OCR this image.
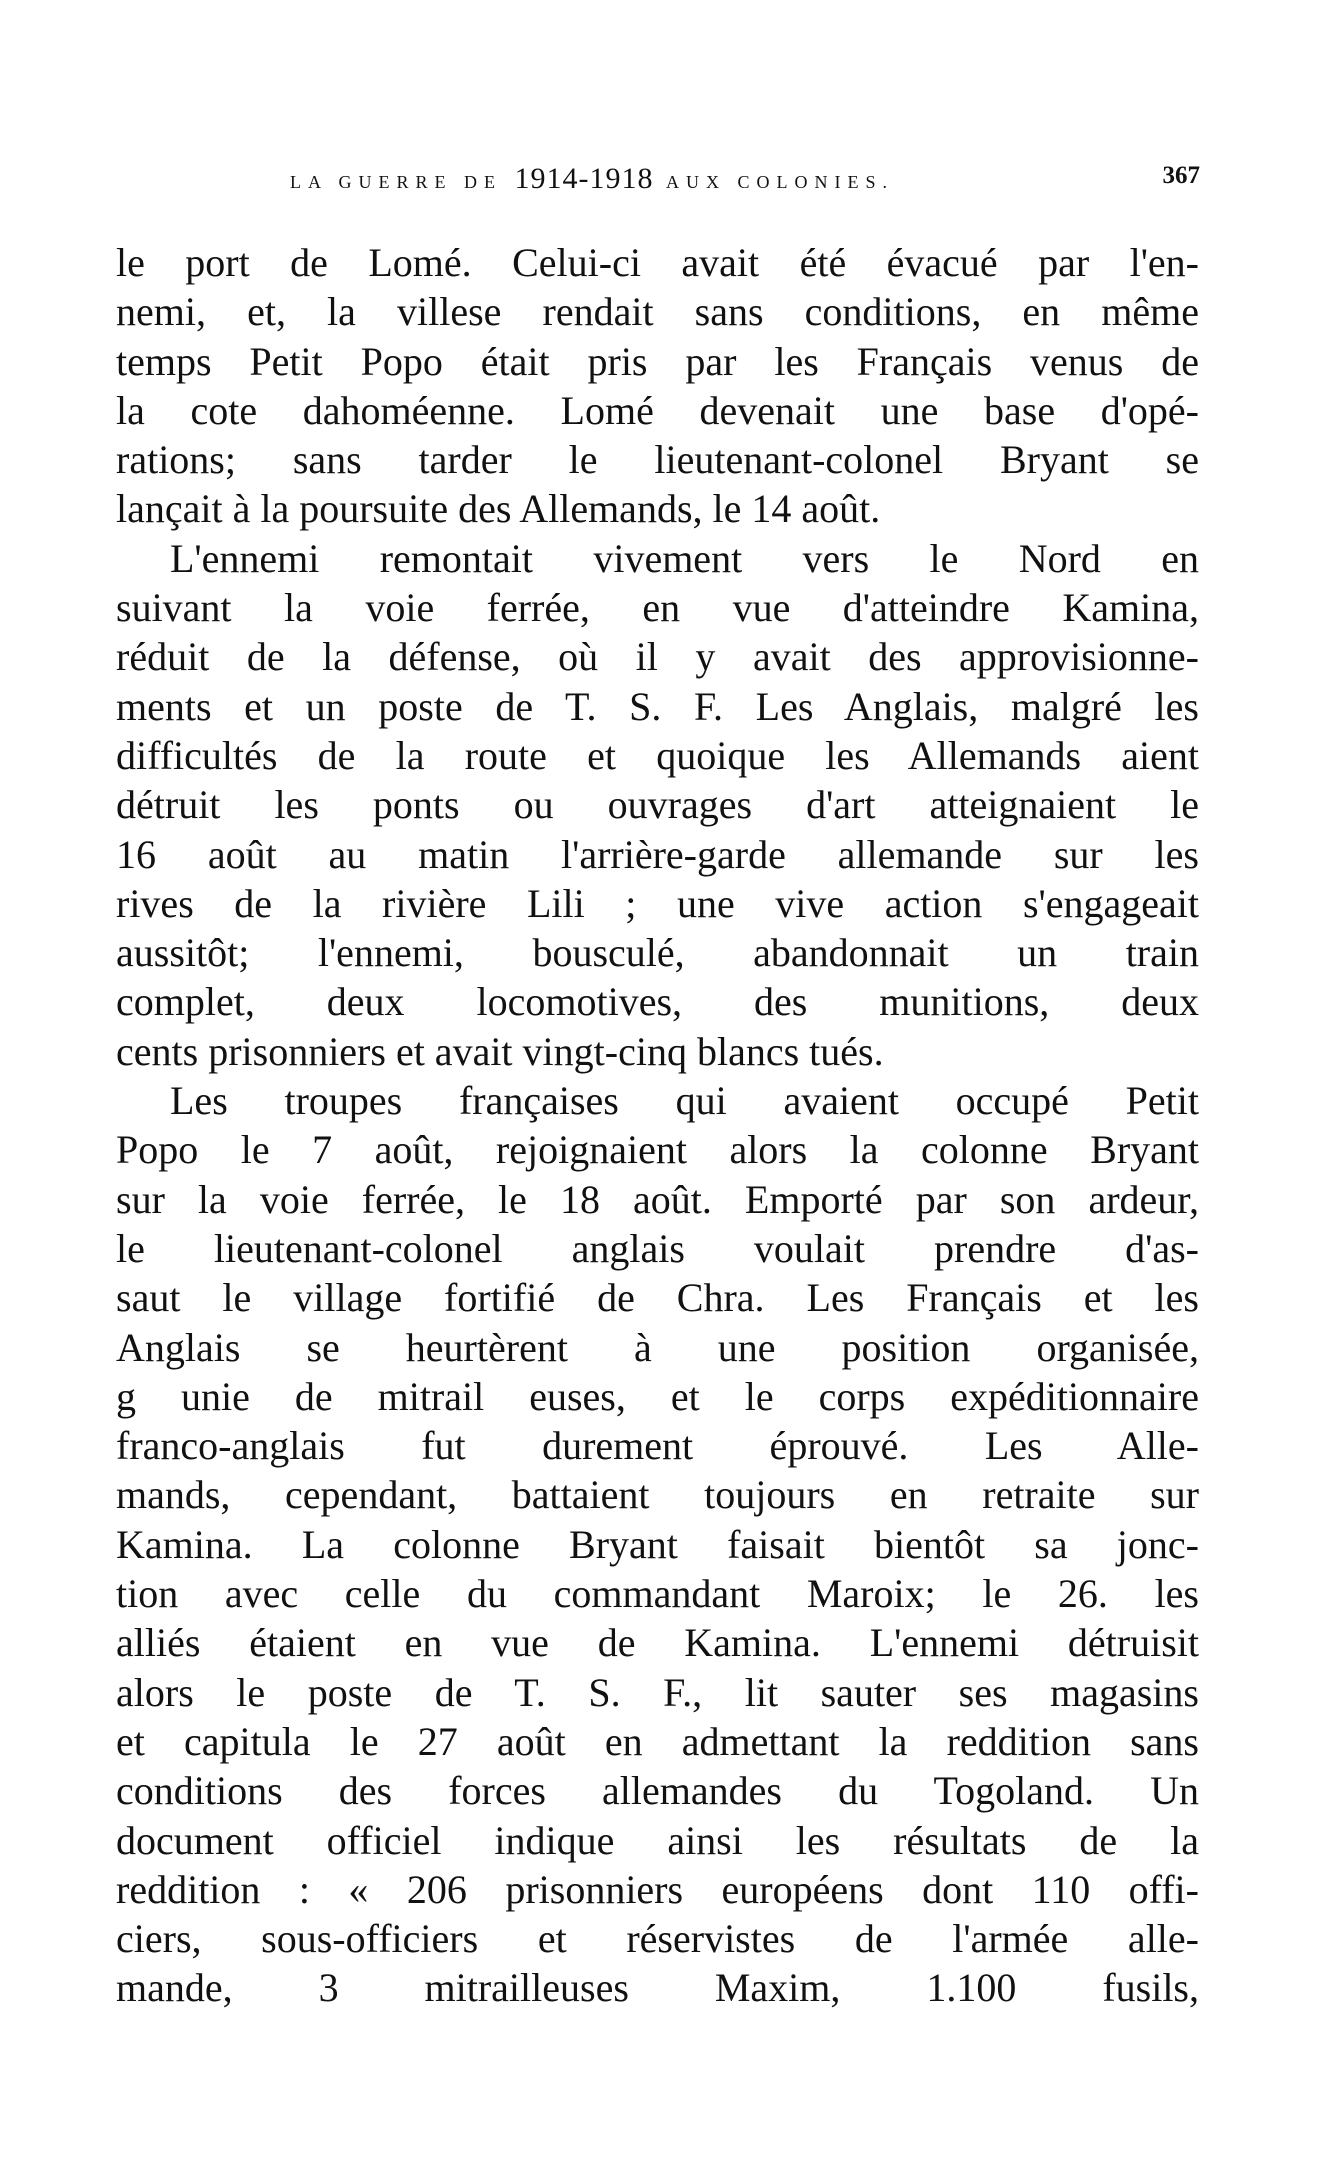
LA GUERRE DE 1914-1918 AUX COLONIES.	367
le port de Lomé. Celui-ci avait été évacué par l'en-
nemi, et, la villese rendait sans conditions, en même
temps Petit Popo était pris par les Français venus de
la cote dahoméenne. Lomé devenait une base d'opé-
rations; sans tarder le lieutenant-colonel Bryant se
lançait à la poursuite des Allemands, le 14 août.
L'ennemi remontait vivement vers le Nord en
suivant la voie ferrée, en vue d'atteindre Kamina,
réduit de la défense, où il y avait des approvisionne-
ments et un poste de T. S. F. Les Anglais, malgré les
difficultés de la route et quoique les Allemands aient
détruit les ponts ou ouvrages d'art atteignaient le
16 août au matin l'arrière-garde allemande sur les
rives de la rivière Lili ; une vive action s'engageait
aussitôt; l'ennemi, bousculé, abandonnait un train
complet, deux locomotives, des munitions, deux
cents prisonniers et avait vingt-cinq blancs tués.
Les troupes françaises qui avaient occupé Petit
Popo le 7 août, rejoignaient alors la colonne Bryant
sur la voie ferrée, le 18 août. Emporté par son ardeur,
le lieutenant-colonel anglais voulait prendre d'as-
saut le village fortifié de Chra. Les Français et les
Anglais se heurtèrent à une position organisée,
g unie de mitrail euses, et le corps expéditionnaire
franco-anglais fut durement éprouvé. Les Alle-
mands, cependant, battaient toujours en retraite sur
Kamina. La colonne Bryant faisait bientôt sa jonc-
tion avec celle du commandant Maroix; le 26. les
alliés étaient en vue de Kamina. L'ennemi détruisit
alors le poste de T. S. F., lit sauter ses magasins
et capitula le 27 août en admettant la reddition sans
conditions des forces allemandes du Togoland. Un
document officiel indique ainsi les résultats de la
reddition : « 206 prisonniers européens dont 110 offi-
ciers, sous-officiers et réservistes de l'armée alle-
mande, 3 mitrailleuses Maxim, 1.100 fusils,
